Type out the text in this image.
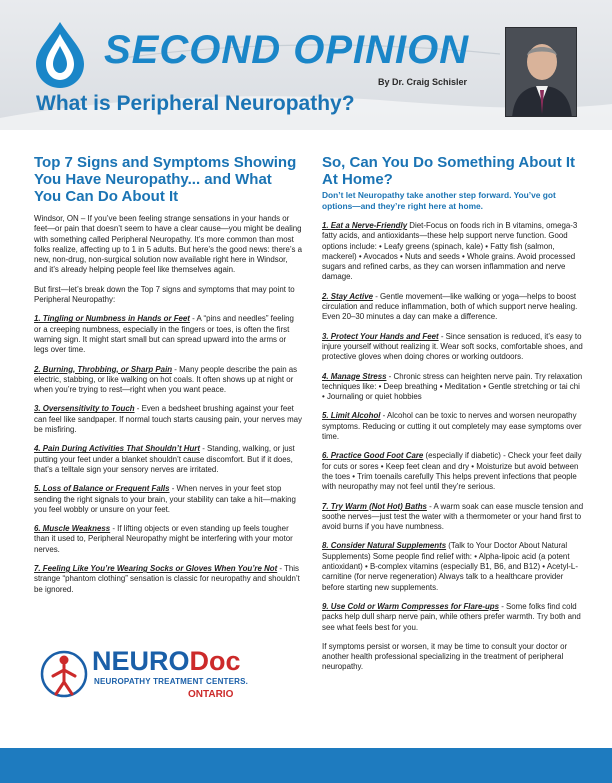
SECOND OPINION
By Dr. Craig Schisler
What is Peripheral Neuropathy?
Top 7 Signs and Symptoms Showing You Have Neuropathy... and What You Can Do About It

Windsor, ON – If you’ve been feeling strange sensations in your hands or feet—or pain that doesn’t seem to have a clear cause—you might be dealing with something called Peripheral Neuropathy. It’s more common than most folks realize, affecting up to 1 in 5 adults. But here’s the good news: there’s a new, non-drug, non-surgical solution now available right here in Windsor, and it’s already helping people feel like themselves again.

But first—let’s break down the Top 7 signs and symptoms that may point to Peripheral Neuropathy:

1. Tingling or Numbness in Hands or Feet - A “pins and needles” feeling or a creeping numbness, especially in the fingers or toes, is often the first warning sign. It might start small but can spread upward into the arms or legs over time.

2. Burning, Throbbing, or Sharp Pain - Many people describe the pain as electric, stabbing, or like walking on hot coals. It often shows up at night or when you’re trying to rest—right when you want peace.

3. Oversensitivity to Touch - Even a bedsheet brushing against your feet can feel like sandpaper. If normal touch starts causing pain, your nerves may be misfiring.

4. Pain During Activities That Shouldn’t Hurt - Standing, walking, or just putting your feet under a blanket shouldn’t cause discomfort. But if it does, that’s a telltale sign your sensory nerves are irritated.

5. Loss of Balance or Frequent Falls - When nerves in your feet stop sending the right signals to your brain, your stability can take a hit—making you feel wobbly or unsure on your feet.

6. Muscle Weakness - If lifting objects or even standing up feels tougher than it used to, Peripheral Neuropathy might be interfering with your motor nerves.

7. Feeling Like You’re Wearing Socks or Gloves When You’re Not - This strange “phantom clothing” sensation is classic for neuropathy and shouldn’t be ignored.

So, Can You Do Something About It At Home?
Don’t let Neuropathy take another step forward. You’ve got options—and they’re right here at home.

1. Eat a Nerve-Friendly Diet-Focus on foods rich in B vitamins, omega-3 fatty acids, and antioxidants—these help support nerve function. Good options include: • Leafy greens (spinach, kale) • Fatty fish (salmon, mackerel) • Avocados • Nuts and seeds • Whole grains. Avoid processed sugars and refined carbs, as they can worsen inflammation and nerve damage.

2. Stay Active - Gentle movement—like walking or yoga—helps to boost circulation and reduce inflammation, both of which support nerve healing. Even 20–30 minutes a day can make a difference.

3. Protect Your Hands and Feet - Since sensation is reduced, it’s easy to injure yourself without realizing it. Wear soft socks, comfortable shoes, and protective gloves when doing chores or working outdoors.

4. Manage Stress - Chronic stress can heighten nerve pain. Try relaxation techniques like: • Deep breathing • Meditation • Gentle stretching or tai chi • Journaling or quiet hobbies

5. Limit Alcohol - Alcohol can be toxic to nerves and worsen neuropathy symptoms. Reducing or cutting it out completely may ease symptoms over time.

6. Practice Good Foot Care (especially if diabetic) - Check your feet daily for cuts or sores • Keep feet clean and dry • Moisturize but avoid between the toes • Trim toenails carefully This helps prevent infections that people with neuropathy may not feel until they’re serious.

7. Try Warm (Not Hot) Baths - A warm soak can ease muscle tension and soothe nerves—just test the water with a thermometer or your hand first to avoid burns if you have numbness.

8. Consider Natural Supplements (Talk to Your Doctor About Natural Supplements) Some people find relief with: • Alpha-lipoic acid (a potent antioxidant) • B-complex vitamins (especially B1, B6, and B12) • Acetyl-L-carnitine (for nerve regeneration) Always talk to a healthcare provider before starting new supplements.

9. Use Cold or Warm Compresses for Flare-ups - Some folks find cold packs help dull sharp nerve pain, while others prefer warmth. Try both and see what feels best for you.

If symptoms persist or worsen, it may be time to consult your doctor or another health professional specializing in the treatment of peripheral neuropathy.

NEURODoc
NEUROPATHY TREATMENT CENTERS.
ONTARIO
